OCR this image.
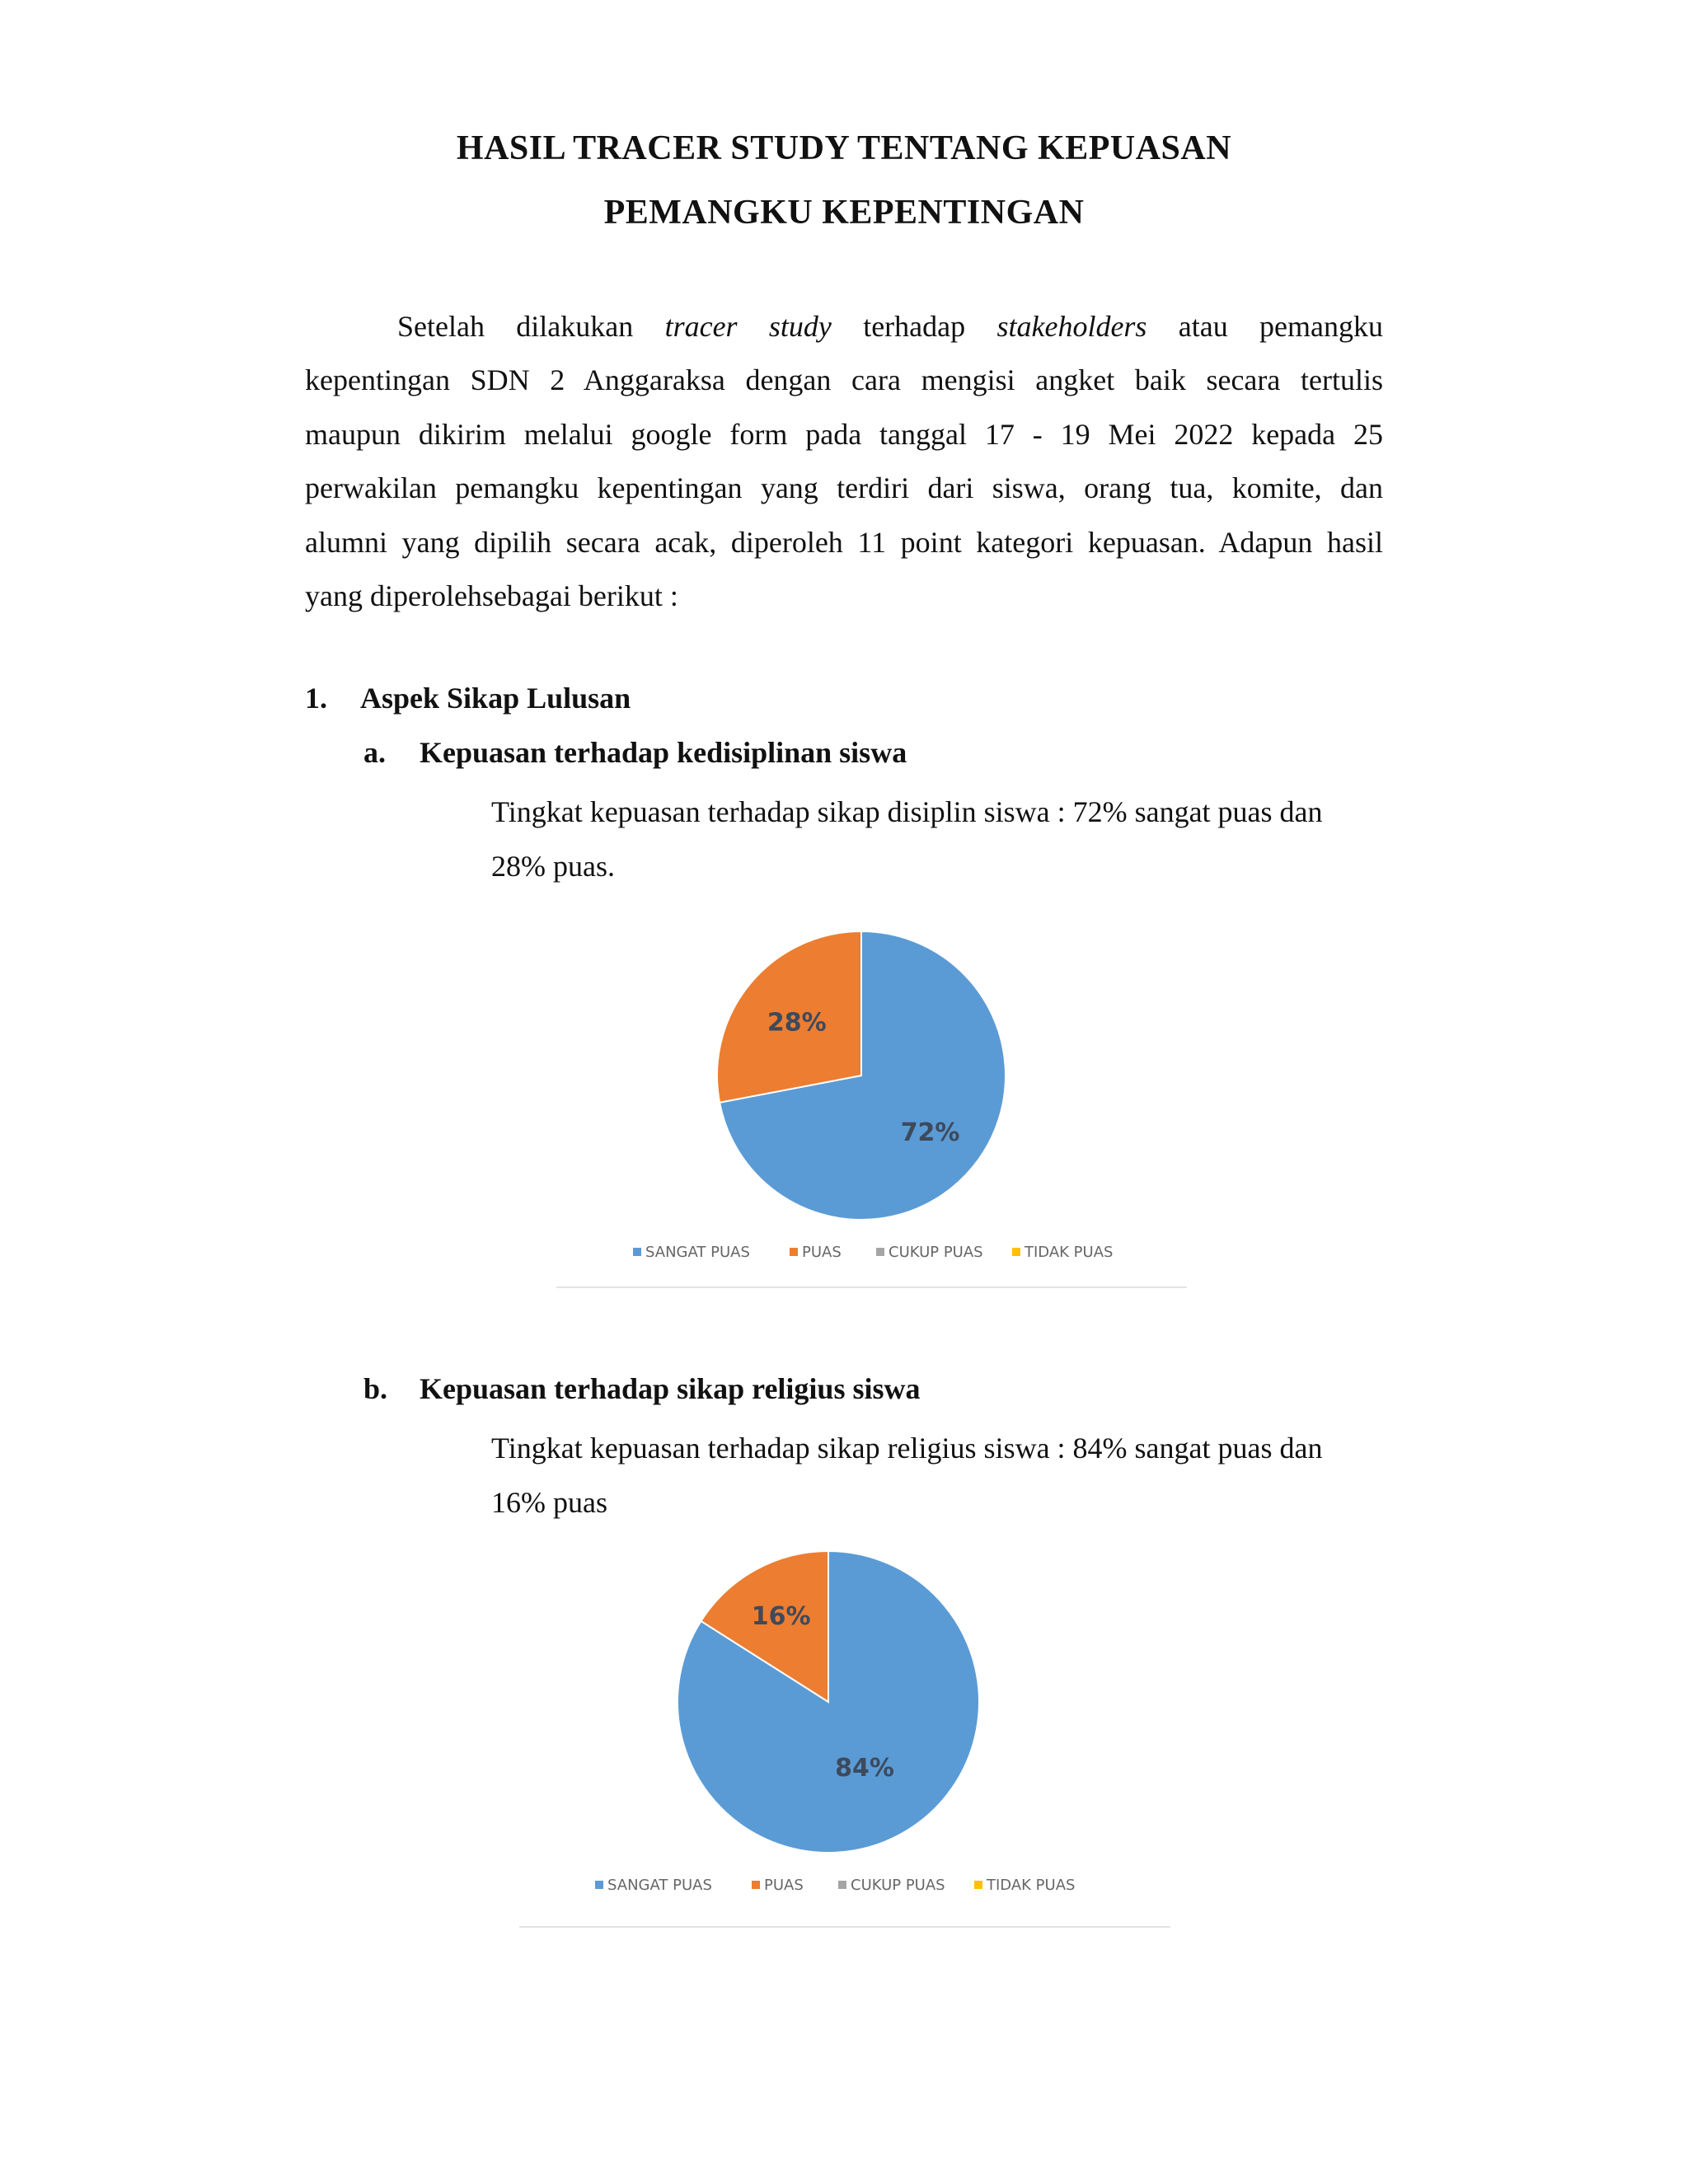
HASIL TRACER STUDY TENTANG KEPUASAN
PEMANGKU KEPENTINGAN
Setelah dilakukan tracer study terhadap stakeholders atau pemangku
kepentingan SDN 2 Anggaraksa dengan cara mengisi angket baik secara tertulis
maupun dikirim melalui google form pada tanggal 17 - 19 Mei 2022 kepada 25
perwakilan pemangku kepentingan yang terdiri dari siswa, orang tua, komite, dan
alumni yang dipilih secara acak, diperoleh 11 point kategori kepuasan. Adapun hasil
yang diperolehsebagai berikut :
1. Aspek Sikap Lulusan
a. Kepuasan terhadap kedisiplinan siswa
Tingkat kepuasan terhadap sikap disiplin siswa : 72% sangat puas dan
28% puas.
72%
28%
SANGAT PUAS	PUAS	CUKUP PUAS	TIDAK PUAS
b. Kepuasan terhadap sikap religius siswa
Tingkat kepuasan terhadap sikap religius siswa : 84% sangat puas dan
16% puas
84%
16%
SANGAT PUAS	PUAS	CUKUP PUAS	TIDAK PUAS
